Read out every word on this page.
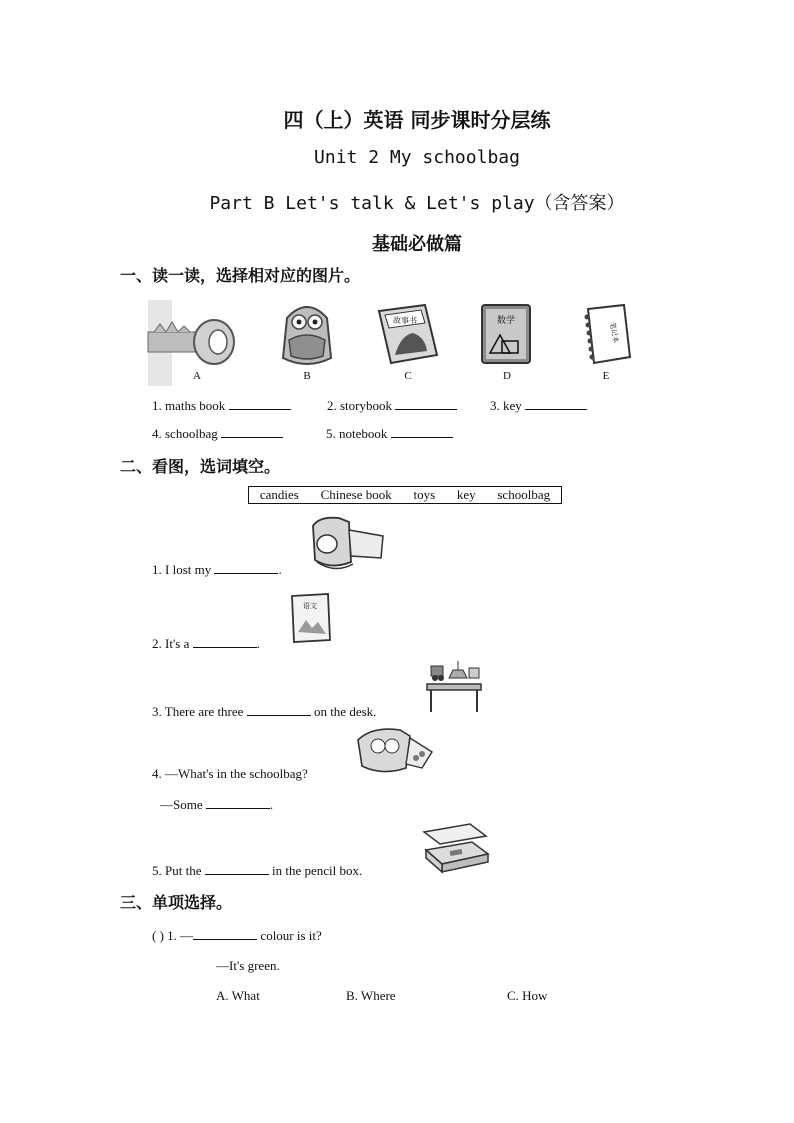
四（上）英语 同步课时分层练
Unit 2 My schoolbag
Part B Let's talk & Let's play（含答案）
基础必做篇
一、读一读，选择相对应的图片。
A	B
故事书
C
数学
D
笔记本
E
1. maths book	2. storybook	3. key
4. schoolbag	5. notebook
二、看图，选词填空。
candies Chinese book toys key schoolbag
1. I lost my	.
语文
2. It's a	.
3. There are three	on the desk.
4. —What's in the schoolbag?
—Some	.
5. Put the	in the pencil box.
三、单项选择。
( ) 1. —	colour is it?
—It's green.
A. What	B. Where	C. How
